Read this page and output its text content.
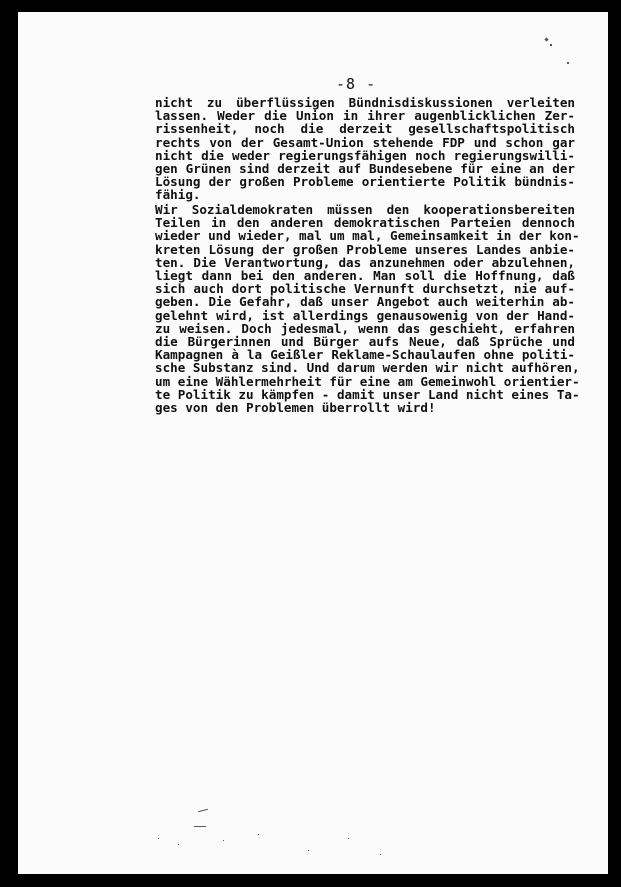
-8 -
nicht zu überflüssigen Bündnisdiskussionen verleiten
lassen. Weder die Union in ihrer augenblicklichen Zer-
rissenheit, noch die derzeit gesellschaftspolitisch
rechts von der Gesamt-Union stehende FDP und schon gar
nicht die weder regierungsfähigen noch regierungswilli-
gen Grünen sind derzeit auf Bundesebene für eine an der
Lösung der großen Probleme orientierte Politik bündnis-
fähig.
Wir Sozialdemokraten müssen den kooperationsbereiten
Teilen in den anderen demokratischen Parteien dennoch
wieder und wieder, mal um mal, Gemeinsamkeit in der kon-
kreten Lösung der großen Probleme unseres Landes anbie-
ten. Die Verantwortung, das anzunehmen oder abzulehnen,
liegt dann bei den anderen. Man soll die Hoffnung, daß
sich auch dort politische Vernunft durchsetzt, nie auf-
geben. Die Gefahr, daß unser Angebot auch weiterhin ab-
gelehnt wird, ist allerdings genausowenig von der Hand-
zu weisen. Doch jedesmal, wenn das geschieht, erfahren
die Bürgerinnen und Bürger aufs Neue, daß Sprüche und
Kampagnen à la Geißler Reklame-Schaulaufen ohne politi-
sche Substanz sind. Und darum werden wir nicht aufhören,
um eine Wählermehrheit für eine am Gemeinwohl orientier-
te Politik zu kämpfen - damit unser Land nicht eines Ta-
ges von den Problemen überrollt wird!
